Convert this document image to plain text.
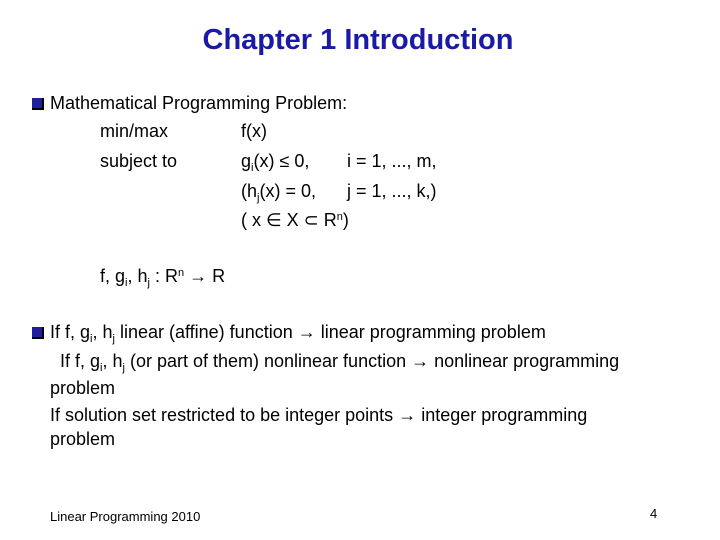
Chapter 1 Introduction
Mathematical Programming Problem:
min/max	f(x)
subject to	$g_i(x) \le 0$, i = 1, ..., m,
($h_j(x) = 0$, j = 1, ..., k,)
( x ∈ X ⊂ $R^n$)
f, $g_i$, $h_j$ : $R^n \to R$
If f, $g_i$, $h_j$ linear (affine) function → linear programming problem
If f, $g_i$, $h_j$ (or part of them) nonlinear function → nonlinear programming
problem
If solution set restricted to be integer points → integer programming
problem
Linear Programming 2010	4
